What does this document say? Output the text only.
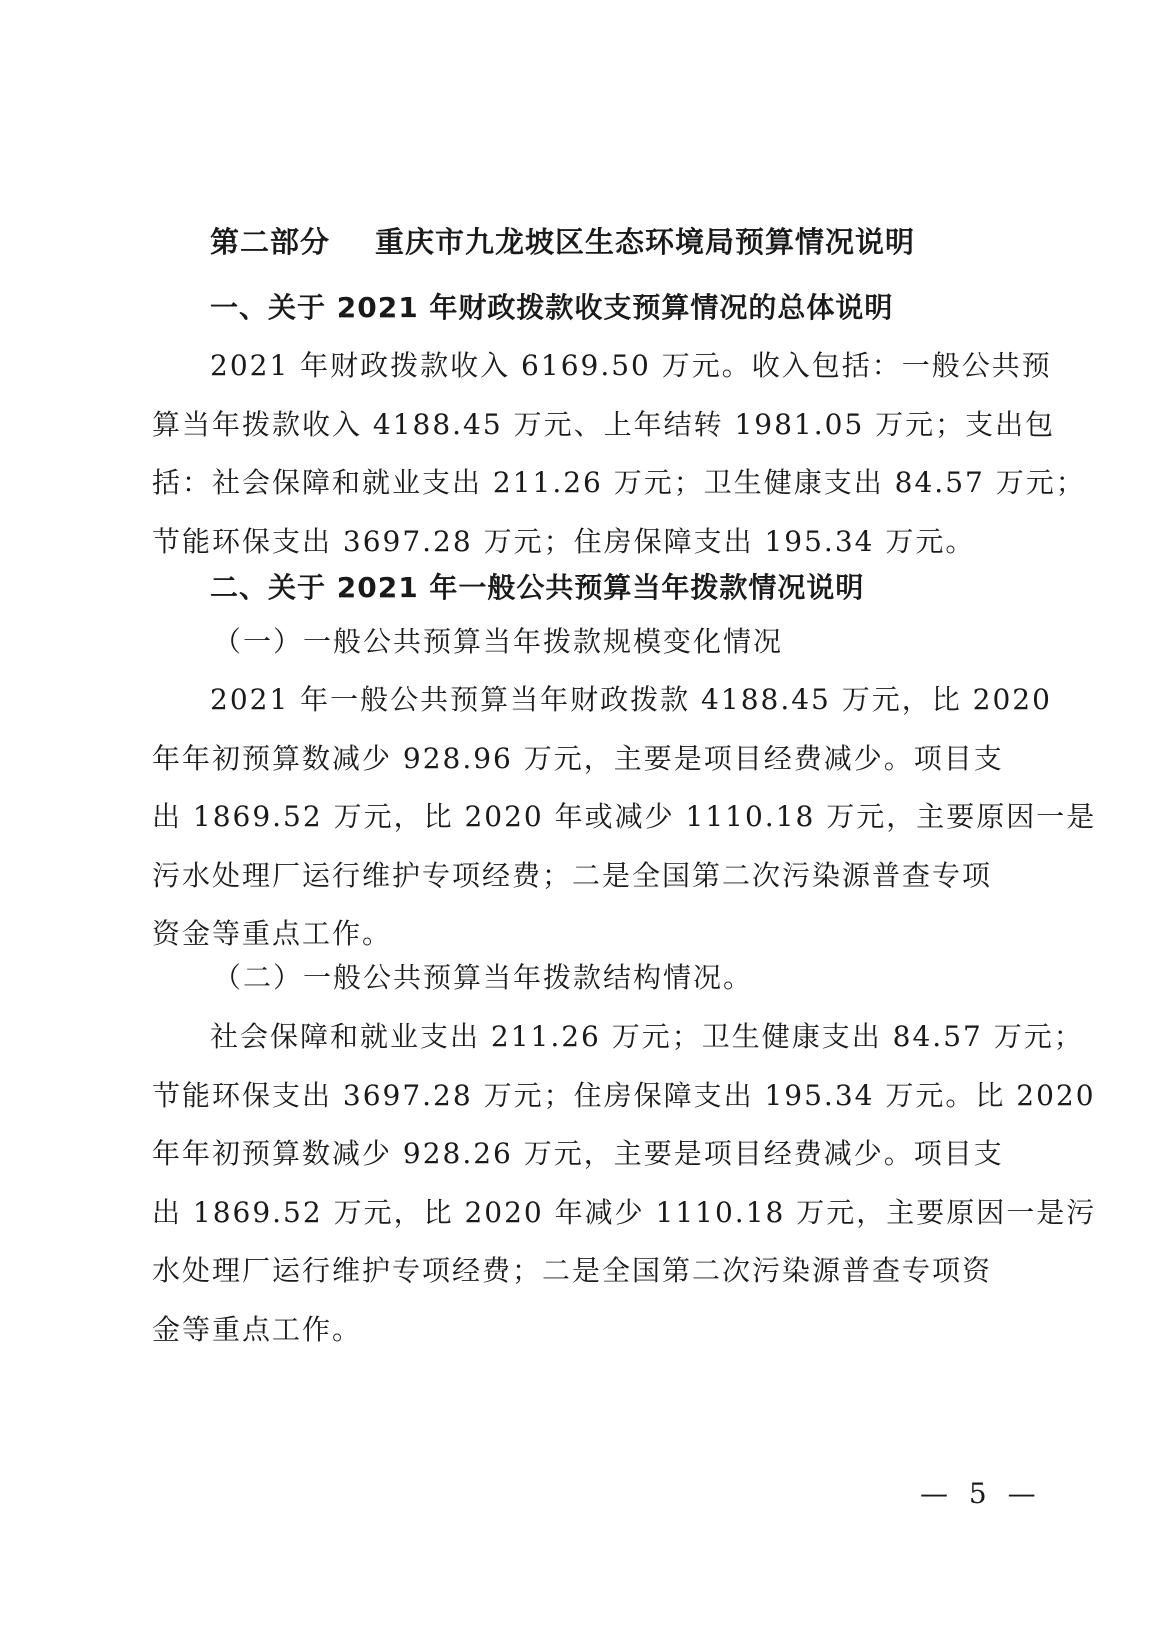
第二部分 重庆市九龙坡区生态环境局预算情况说明
一、关于 2021 年财政拨款收支预算情况的总体说明
2021 年财政拨款收入 6169.50 万元。收入包括：一般公共预
算当年拨款收入 4188.45 万元、上年结转 1981.05 万元；支出包
括：社会保障和就业支出 211.26 万元；卫生健康支出 84.57 万元；
节能环保支出 3697.28 万元；住房保障支出 195.34 万元。
二、关于 2021 年一般公共预算当年拨款情况说明
（一）一般公共预算当年拨款规模变化情况
2021 年一般公共预算当年财政拨款 4188.45 万元，比 2020
年年初预算数减少 928.96 万元，主要是项目经费减少。项目支
出 1869.52 万元，比 2020 年或减少 1110.18 万元，主要原因一是
污水处理厂运行维护专项经费；二是全国第二次污染源普查专项
资金等重点工作。
（二）一般公共预算当年拨款结构情况。
社会保障和就业支出 211.26 万元；卫生健康支出 84.57 万元；
节能环保支出 3697.28 万元；住房保障支出 195.34 万元。比 2020
年年初预算数减少 928.26 万元，主要是项目经费减少。项目支
出 1869.52 万元，比 2020 年减少 1110.18 万元，主要原因一是污
水处理厂运行维护专项经费；二是全国第二次污染源普查专项资
金等重点工作。
— 5 —
